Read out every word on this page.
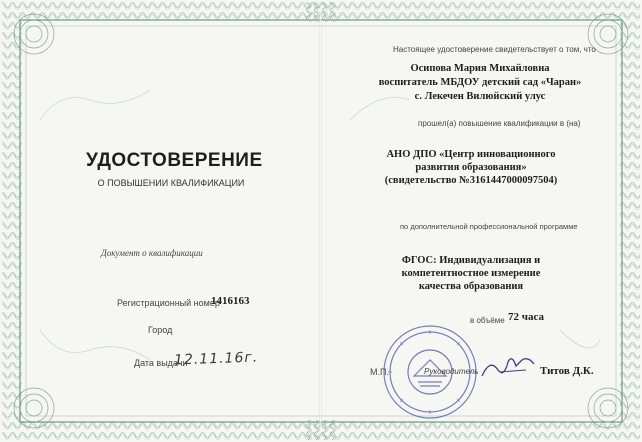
УДОСТОВЕРЕНИЕ
О ПОВЫШЕНИИ КВАЛИФИКАЦИИ
Документ о квалификации
Регистрационный номер
1416163
Город
Дата выдачи
12.11.16г.
Настоящее удостоверение свидетельствует о том, что
Осипова Мария Михайловна
воспитатель МБДОУ детский сад «Чаран»
с. Лекечен Вилюйский улус
прошел(а) повышение квалификации в (на)
АНО ДПО «Центр инновационного
развития образования»
(свидетельство №3161447000097504)
по дополнительной профессиональной программе
ФГОС: Индивидуализация и
компетентностное измерение
качества образования
в объёме 72 часа
М.П.	Руководитель	Титов Д.К.
